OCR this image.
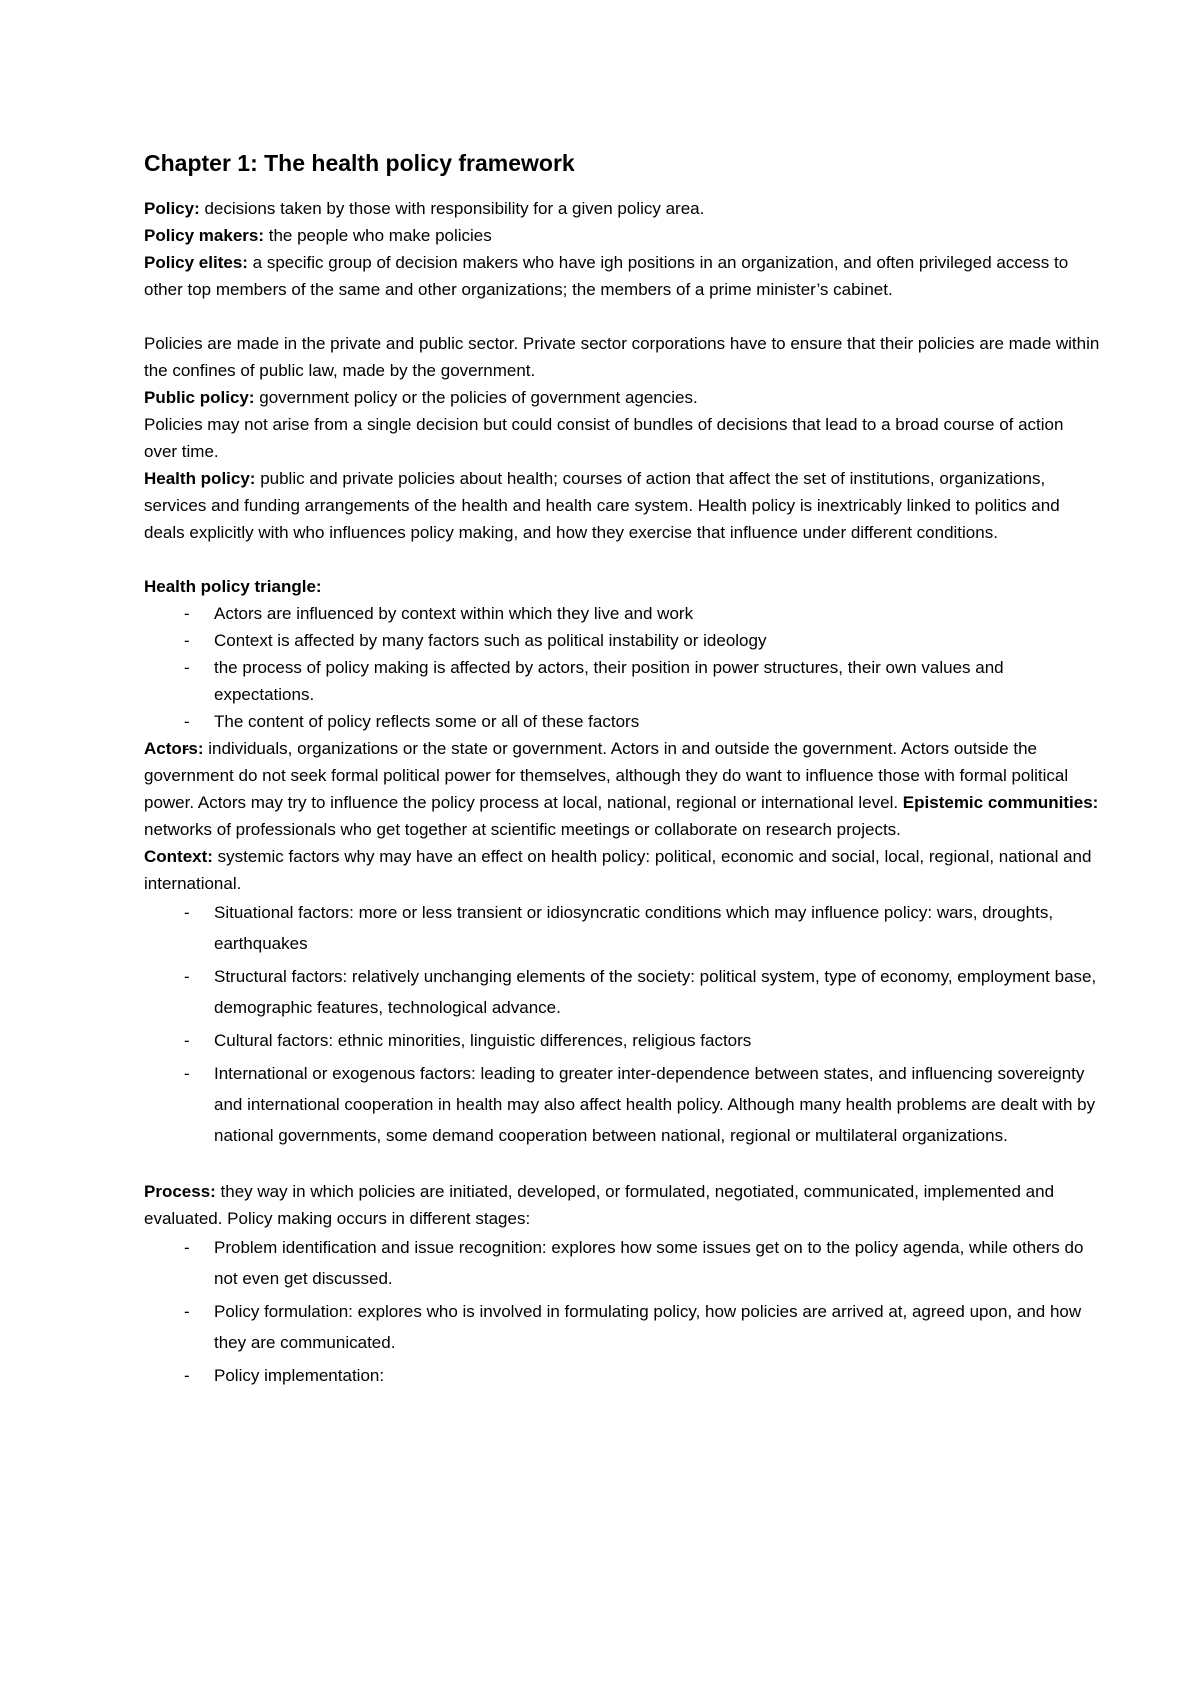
Chapter 1: The health policy framework

Policy: decisions taken by those with responsibility for a given policy area.

Policy makers: the people who make policies

Policy elites: a specific group of decision makers who have igh positions in an organization, and often privileged access to other top members of the same and other organizations; the members of a prime minister’s cabinet.

Policies are made in the private and public sector. Private sector corporations have to ensure that their policies are made within the confines of public law, made by the government.

Public policy: government policy or the policies of government agencies.

Policies may not arise from a single decision but could consist of bundles of decisions that lead to a broad course of action over time.

Health policy: public and private policies about health; courses of action that affect the set of institutions, organizations, services and funding arrangements of the health and health care system. Health policy is inextricably linked to politics and deals explicitly with who influences policy making, and how they exercise that influence under different conditions.

Health policy triangle:

- Actors are influenced by context within which they live and work
- Context is affected by many factors such as political instability or ideology
- the process of policy making is affected by actors, their position in power structures, their own values and expectations.
- The content of policy reflects some or all of these factors

Actors: individuals, organizations or the state or government. Actors in and outside the government. Actors outside the government do not seek formal political power for themselves, although they do want to influence those with formal political power. Actors may try to influence the policy process at local, national, regional or international level. Epistemic communities: networks of professionals who get together at scientific meetings or collaborate on research projects.

Context: systemic factors why may have an effect on health policy: political, economic and social, local, regional, national and international.

- Situational factors: more or less transient or idiosyncratic conditions which may influence policy: wars, droughts, earthquakes
- Structural factors: relatively unchanging elements of the society: political system, type of economy, employment base, demographic features, technological advance.
- Cultural factors: ethnic minorities, linguistic differences, religious factors
- International or exogenous factors: leading to greater inter-dependence between states, and influencing sovereignty and international cooperation in health may also affect health policy. Although many health problems are dealt with by national governments, some demand cooperation between national, regional or multilateral organizations.

Process: they way in which policies are initiated, developed, or formulated, negotiated, communicated, implemented and evaluated. Policy making occurs in different stages:

- Problem identification and issue recognition: explores how some issues get on to the policy agenda, while others do not even get discussed.
- Policy formulation: explores who is involved in formulating policy, how policies are arrived at, agreed upon, and how they are communicated.
- Policy implementation:
